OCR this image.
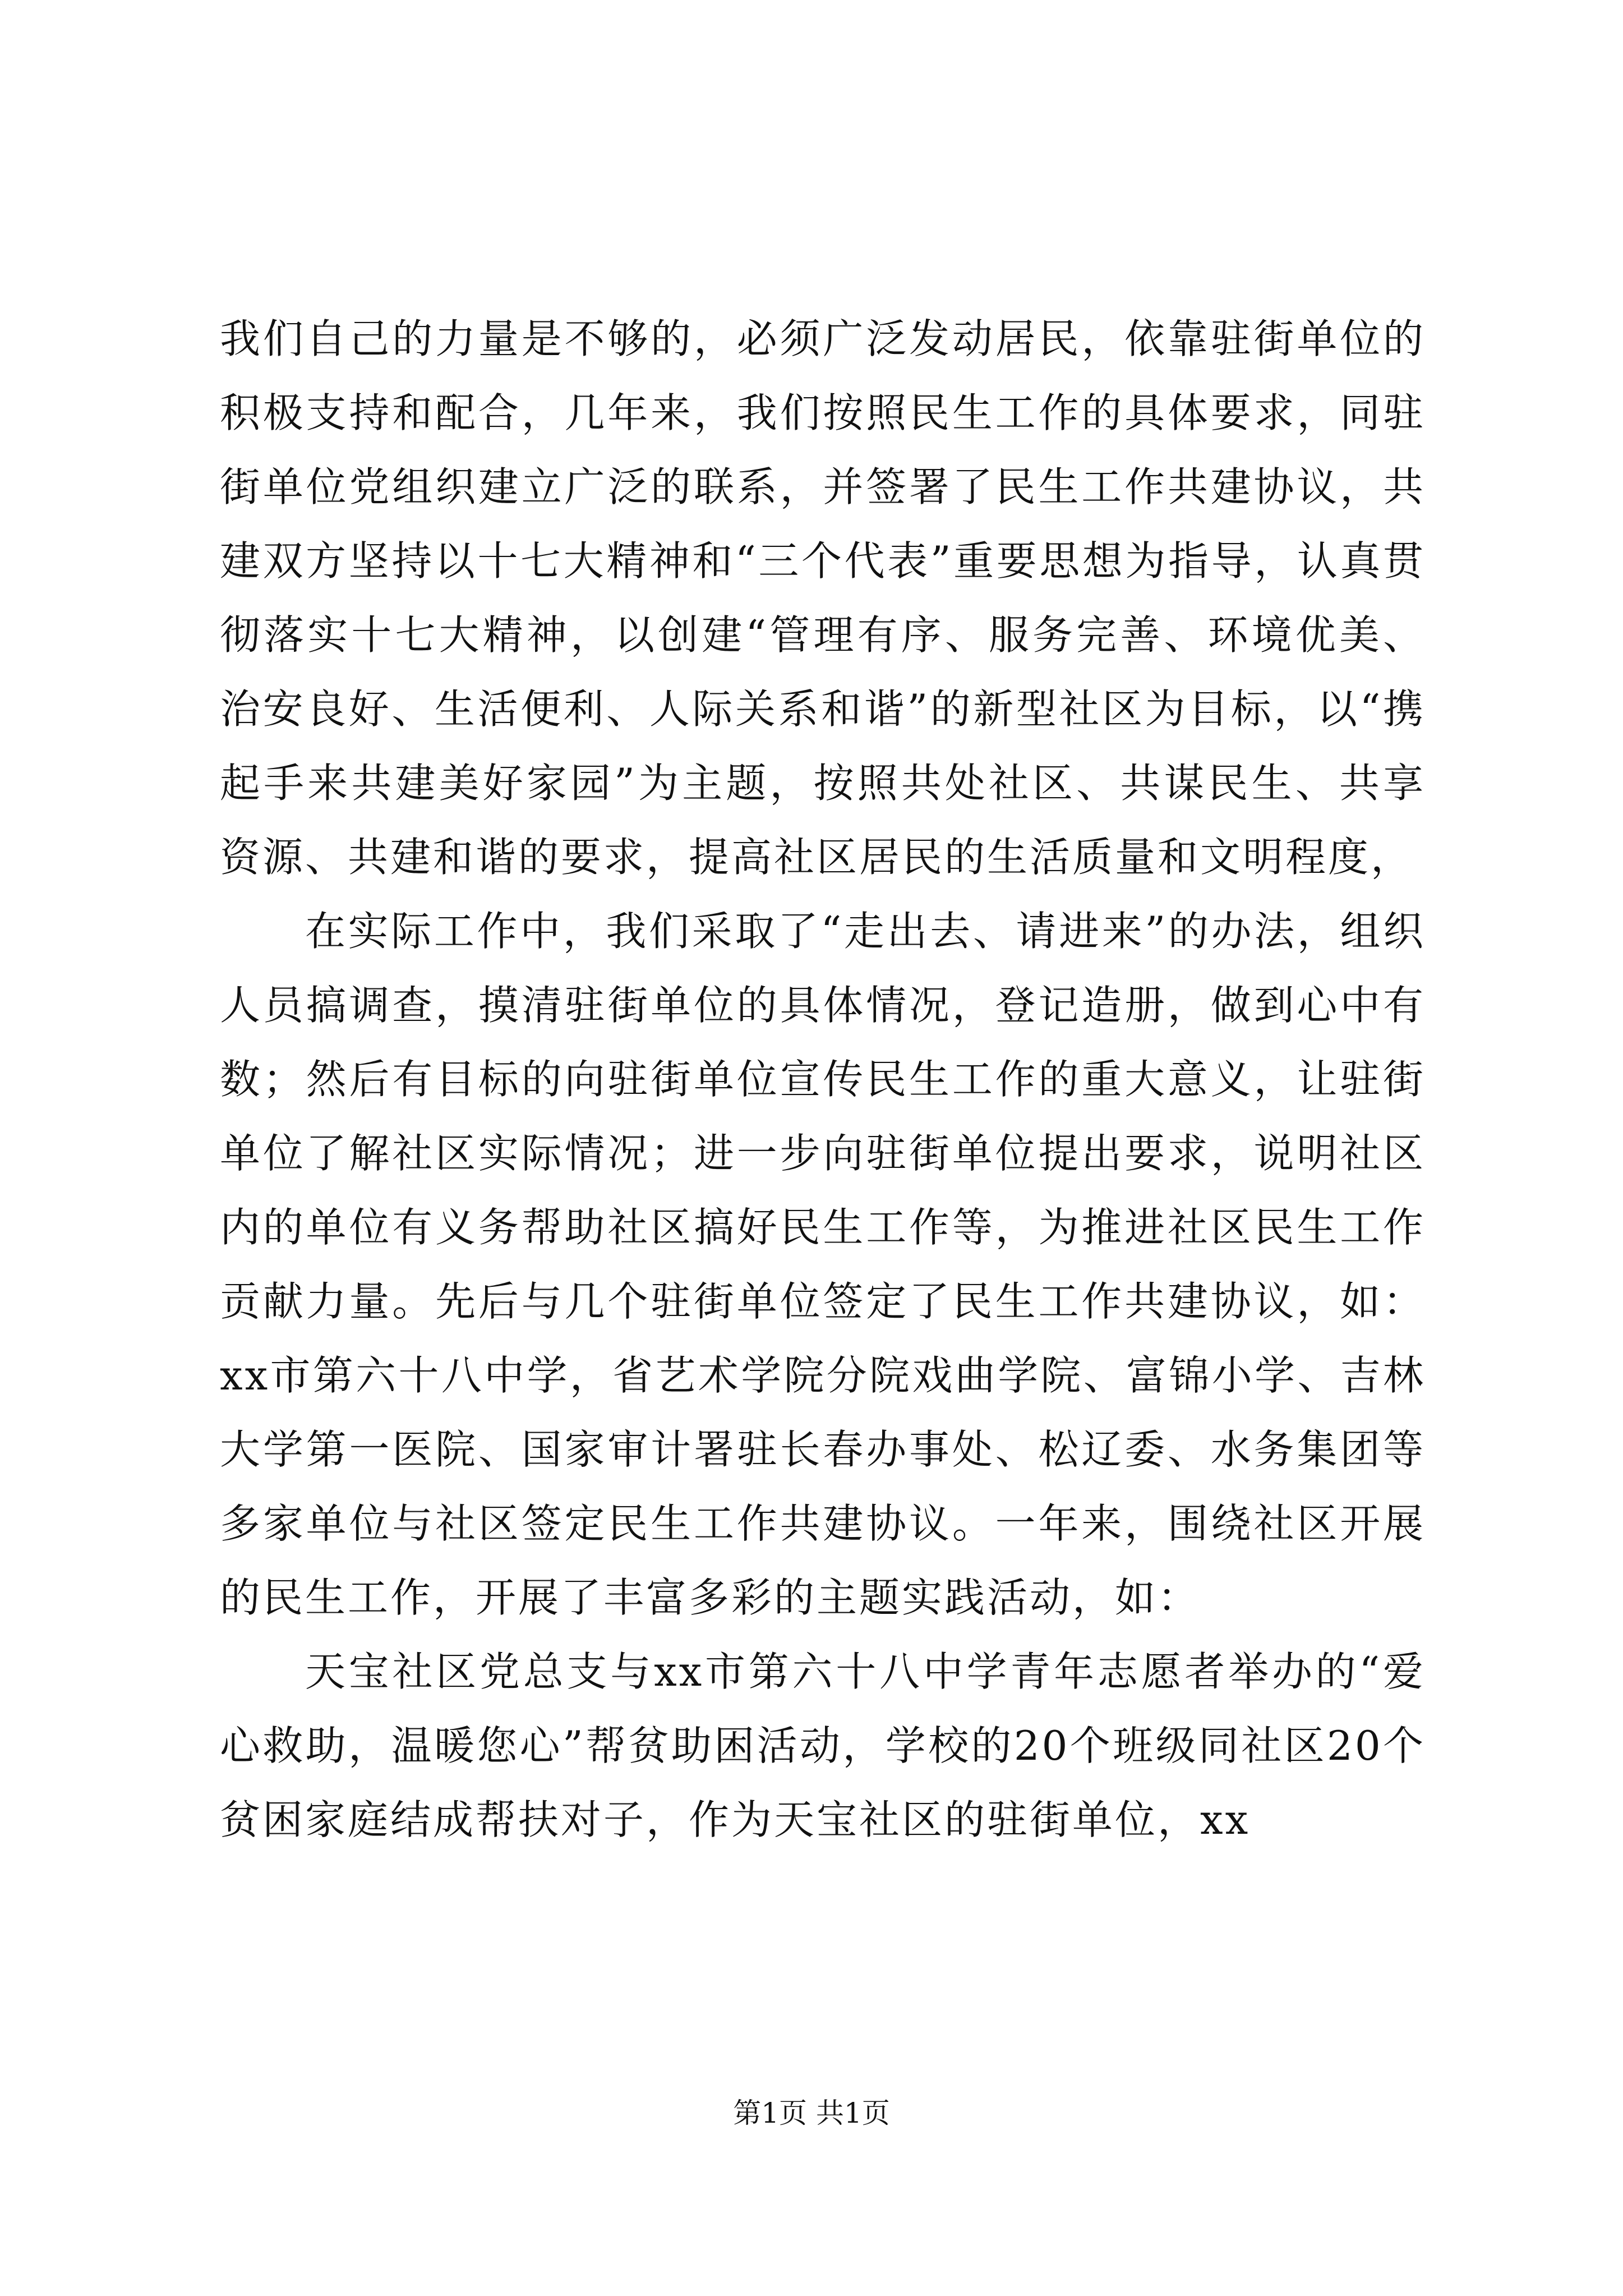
我们自己的力量是不够的，必须广泛发动居民，依靠驻街单位的积极支持和配合，几年来，我们按照民生工作的具体要求，同驻街单位党组织建立广泛的联系，并签署了民生工作共建协议，共建双方坚持以十七大精神和“三个代表”重要思想为指导，认真贯彻落实十七大精神，以创建“管理有序、服务完善、环境优美、治安良好、生活便利、人际关系和谐”的新型社区为目标，以“携起手来共建美好家园”为主题，按照共处社区、共谋民生、共享资源、共建和谐的要求，提高社区居民的生活质量和文明程度，

在实际工作中，我们采取了“走出去、请进来”的办法，组织人员搞调查，摸清驻街单位的具体情况，登记造册，做到心中有数；然后有目标的向驻街单位宣传民生工作的重大意义，让驻街单位了解社区实际情况；进一步向驻街单位提出要求，说明社区内的单位有义务帮助社区搞好民生工作等，为推进社区民生工作贡献力量。先后与几个驻街单位签定了民生工作共建协议，如：xx市第六十八中学，省艺术学院分院戏曲学院、富锦小学、吉林大学第一医院、国家审计署驻长春办事处、松辽委、水务集团等多家单位与社区签定民生工作共建协议。一年来，围绕社区开展的民生工作，开展了丰富多彩的主题实践活动，如：

天宝社区党总支与xx市第六十八中学青年志愿者举办的“爱心救助，温暖您心”帮贫助困活动，学校的20个班级同社区20个贫困家庭结成帮扶对子，作为天宝社区的驻街单位，xx

第1页 共1页
